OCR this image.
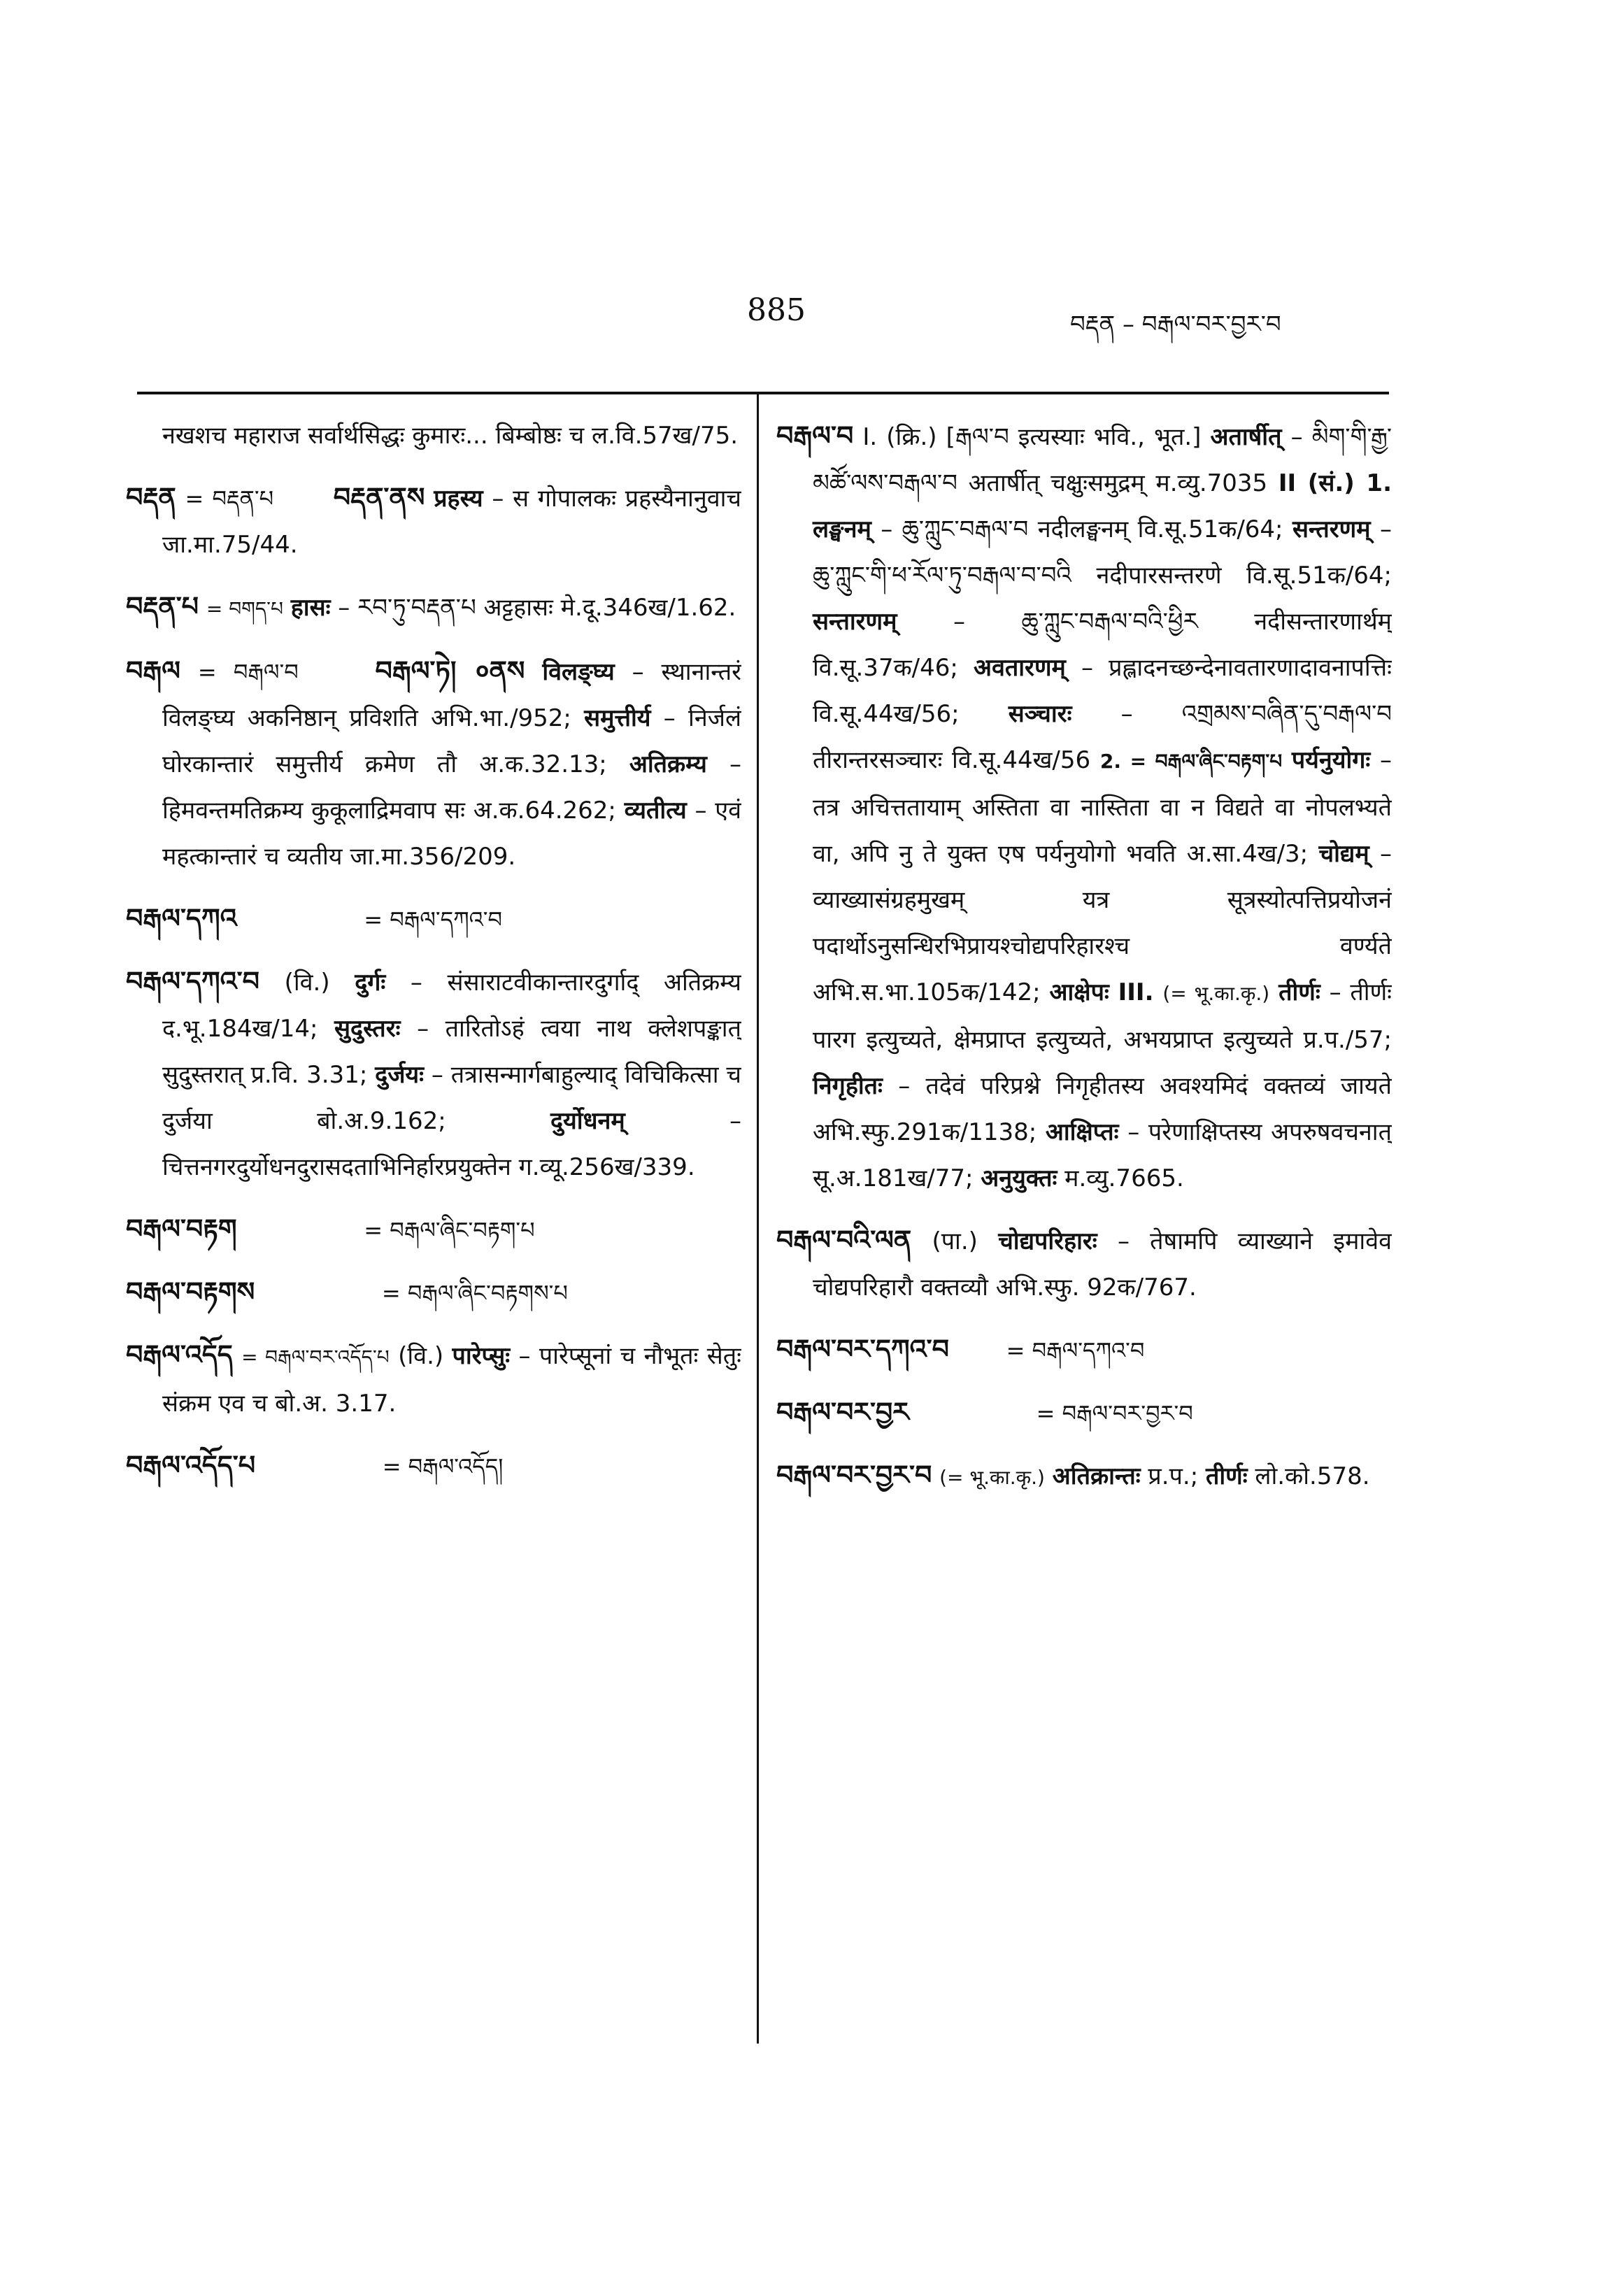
885	བརྡན – བརྒལ་བར་བྱར་བ
नखशच महाराज सर्वार्थसिद्धः कुमारः... बिम्बोष्ठः च ल.वि.57ख/75.
བརྡན = བརྡན་པ བརྡན་ནས प्रहस्य – स गोपालकः प्रहस्यैनानुवाच जा.मा.75/44.
བརྡན་པ = བགད་པ हासः – རབ་ཏུ་བརྡན་པ अट्टहासः मे.दू.346ख/1.62.
བརྒལ = བརྒལ་བ	བརྒལ་ཏེ། ०ནས विलङ्घ्य – स्थानान्तरं विलङ्घ्य अकनिष्ठान् प्रविशति अभि.भा./952; समुत्तीर्य – निर्जलं घोरकान्तारं समुत्तीर्य क्रमेण तौ अ.क.32.13; अतिक्रम्य – हिमवन्तमतिक्रम्य कुकूलाद्रिमवाप सः अ.क.64.262; व्यतीत्य – एवं महत्कान्तारं च व्यतीय जा.मा.356/209.
བརྒལ་དཀའ	= བརྒལ་དཀའ་བ
བརྒལ་དཀའ་བ (वि.) दुर्गः – संसाराटवीकान्तारदुर्गाद् अतिक्रम्य द.भू.184ख/14; सुदुस्तरः – तारितोऽहं त्वया नाथ क्लेशपङ्कात् सुदुस्तरात् प्र.वि. 3.31; दुर्जयः – तत्रासन्मार्गबाहुल्याद् विचिकित्सा च दुर्जया बो.अ.9.162;	दुर्योधनम्	– चित्तनगरदुर्योधनदुरासदताभिनिर्हारप्रयुक्तेन ग.व्यू.256ख/339.
བརྒལ་བརྟག	= བརྒལ་ཞིང་བརྟག་པ
བརྒལ་བརྟགས	= བརྒལ་ཞིང་བརྟགས་པ
བརྒལ་འདོད = བརྒལ་བར་འདོད་པ (वि.) पारेप्सुः – पारेप्सूनां च नौभूतः सेतुः संक्रम एव च बो.अ. 3.17.
བརྒལ་འདོད་པ	= བརྒལ་འདོད།
བརྒལ་བ I. (क्रि.) [རྒལ་བ इत्यस्याः भवि., भूत.] अतार्षीत् – མིག་གི་རྒྱ་མཚོ་ལས་བརྒལ་བ अतार्षीत् चक्षुःसमुद्रम् म.व्यु.7035 II (सं.) 1. लङ्घनम् – ཆུ་ཀླུང་བརྒལ་བ नदीलङ्घनम् वि.सू.51क/64; सन्तरणम् – ཆུ་ཀླུང་གི་ཕ་རོལ་ཏུ་བརྒལ་བ་བའི नदीपारसन्तरणे वि.सू.51क/64; सन्तारणम् – ཆུ་ཀླུང་བརྒལ་བའི་ཕྱིར नदीसन्तारणार्थम् वि.सू.37क/46; अवतारणम् – प्रह्लादनच्छन्देनावतारणादावनापत्तिः वि.सू.44ख/56; सञ्चारः – འགྲམས་བཞིན་དུ་བརྒལ་བ तीरान्तरसञ्चारः वि.सू.44ख/56 2. = བརྒལ་ཞིང་བརྟག་པ पर्यनुयोगः – तत्र अचित्ततायाम् अस्तिता वा नास्तिता वा न विद्यते वा नोपलभ्यते वा, अपि नु ते युक्त एष पर्यनुयोगो भवति अ.सा.4ख/3; चोद्यम् – व्याख्यासंग्रहमुखम् यत्र सूत्रस्योत्पत्तिप्रयोजनं पदार्थोऽनुसन्धिरभिप्रायश्चोद्यपरिहारश्च वर्ण्यते अभि.स.भा.105क/142; आक्षेपः III. (= भू.का.कृ.) तीर्णः – तीर्णः पारग इत्युच्यते, क्षेमप्राप्त इत्युच्यते, अभयप्राप्त इत्युच्यते प्र.प./57; निगृहीतः – तदेवं परिप्रश्ने निगृहीतस्य अवश्यमिदं वक्तव्यं जायते अभि.स्फु.291क/1138; आक्षिप्तः – परेणाक्षिप्तस्य अपरुषवचनात् सू.अ.181ख/77; अनुयुक्तः म.व्यु.7665.
བརྒལ་བའི་ལན (पा.) चोद्यपरिहारः – तेषामपि व्याख्याने इमावेव चोद्यपरिहारौ वक्तव्यौ अभि.स्फु. 92क/767.
བརྒལ་བར་དཀའ་བ	= བརྒལ་དཀའ་བ
བརྒལ་བར་བྱར	= བརྒལ་བར་བྱར་བ
བརྒལ་བར་བྱར་བ (= भू.का.कृ.) अतिक्रान्तः प्र.प.; तीर्णः लो.को.578.
